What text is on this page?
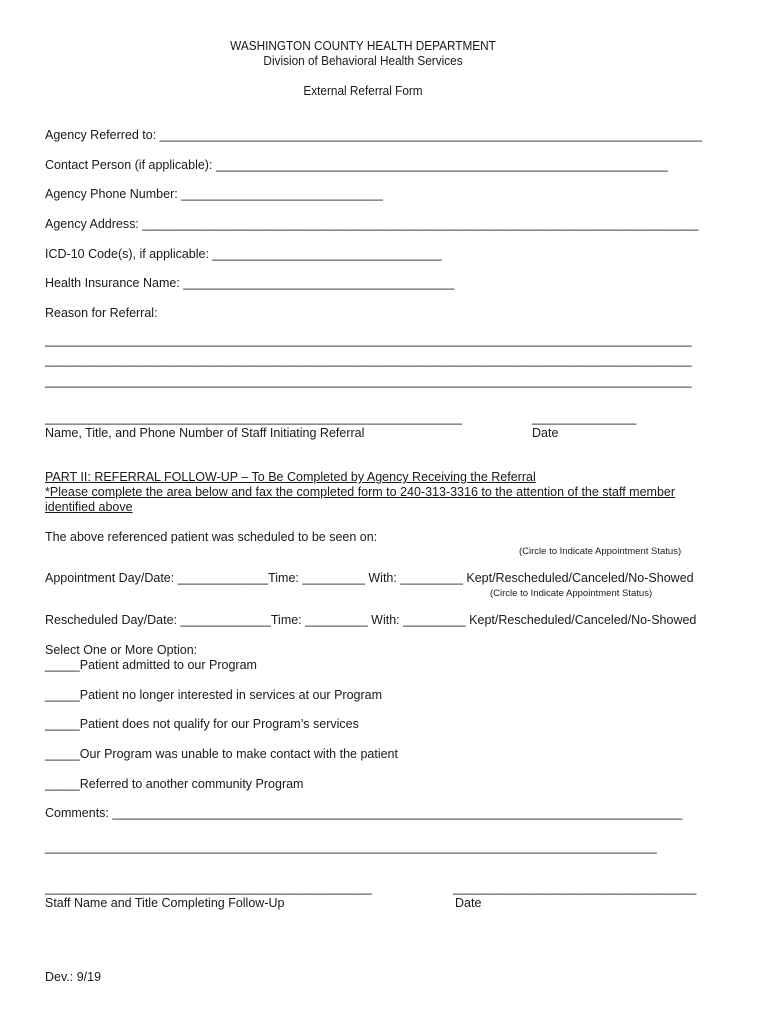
WASHINGTON COUNTY HEALTH DEPARTMENT
Division of Behavioral Health Services
External Referral Form
Agency Referred to: ______________________________________________________________________________
Contact Person (if applicable): _________________________________________________________________
Agency Phone Number: _____________________________
Agency Address: ________________________________________________________________________________
ICD-10 Code(s), if applicable: _________________________________
Health Insurance Name: _______________________________________
Reason for Referral:
_____________________________________________________________________________________________
_____________________________________________________________________________________________
_____________________________________________________________________________________________
____________________________________________________________
Name, Title, and Phone Number of Staff Initiating Referral
_______________
Date
PART II: REFERRAL FOLLOW-UP – To Be Completed by Agency Receiving the Referral
*Please complete the area below and fax the completed form to 240-313-3316 to the attention of the staff member
identified above
The above referenced patient was scheduled to be seen on:
(Circle to Indicate Appointment Status)
Appointment Day/Date: _____________Time: _________ With: _________ Kept/Rescheduled/Canceled/No-Showed
(Circle to Indicate Appointment Status)
Rescheduled Day/Date: _____________Time: _________ With: _________ Kept/Rescheduled/Canceled/No-Showed
Select One or More Option:
_____Patient admitted to our Program
_____Patient no longer interested in services at our Program
_____Patient does not qualify for our Program’s services
_____Our Program was unable to make contact with the patient
_____Referred to another community Program
Comments: __________________________________________________________________________________
________________________________________________________________________________________
_______________________________________________
Staff Name and Title Completing Follow-Up
___________________________________
Date
Dev.: 9/19
